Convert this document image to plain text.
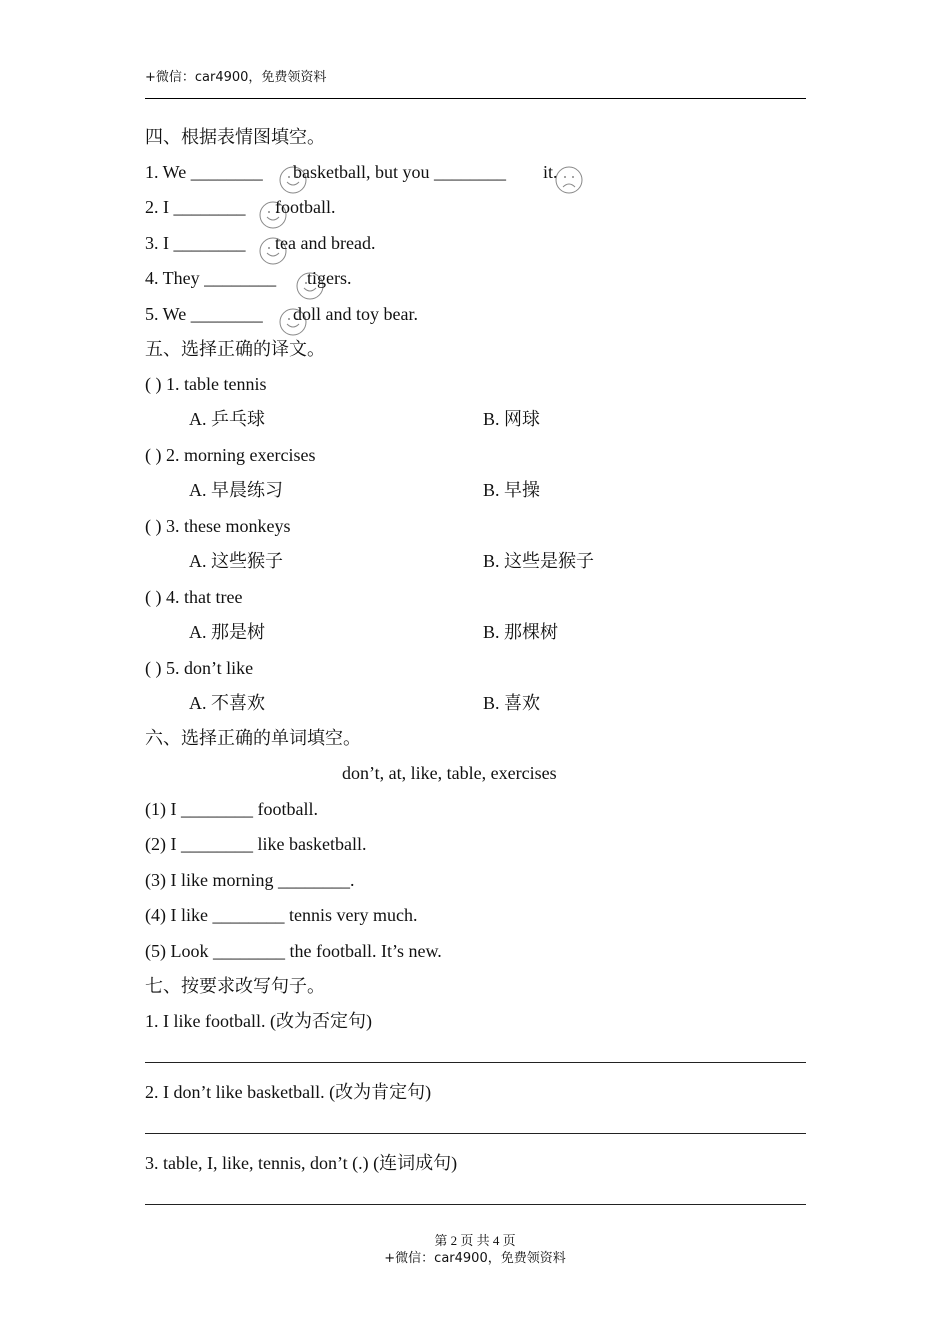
+微信：car4900，免费领资料
四、根据表情图填空。
1. We ________ basketball, but you ________ it.
2. I ________ football.
3. I ________ tea and bread.
4. They ________ tigers.
5. We ________ doll and toy bear.
五、选择正确的译文。
( ) 1. table tennis
A. 乒乓球	B. 网球
( ) 2. morning exercises
A. 早晨练习	B. 早操
( ) 3. these monkeys
A. 这些猴子	B. 这些是猴子
( ) 4. that tree
A. 那是树	B. 那棵树
( ) 5. don’t like
A. 不喜欢	B. 喜欢
六、选择正确的单词填空。
don’t, at, like, table, exercises
(1) I ________ football.
(2) I ________ like basketball.
(3) I like morning ________.
(4) I like ________ tennis very much.
(5) Look ________ the football. It’s new.
七、按要求改写句子。
1. I like football. (改为否定句)
2. I don’t like basketball. (改为肯定句)
3. table, I, like, tennis, don’t (.) (连词成句)
第 2 页 共 4 页
+微信：car4900，免费领资料
